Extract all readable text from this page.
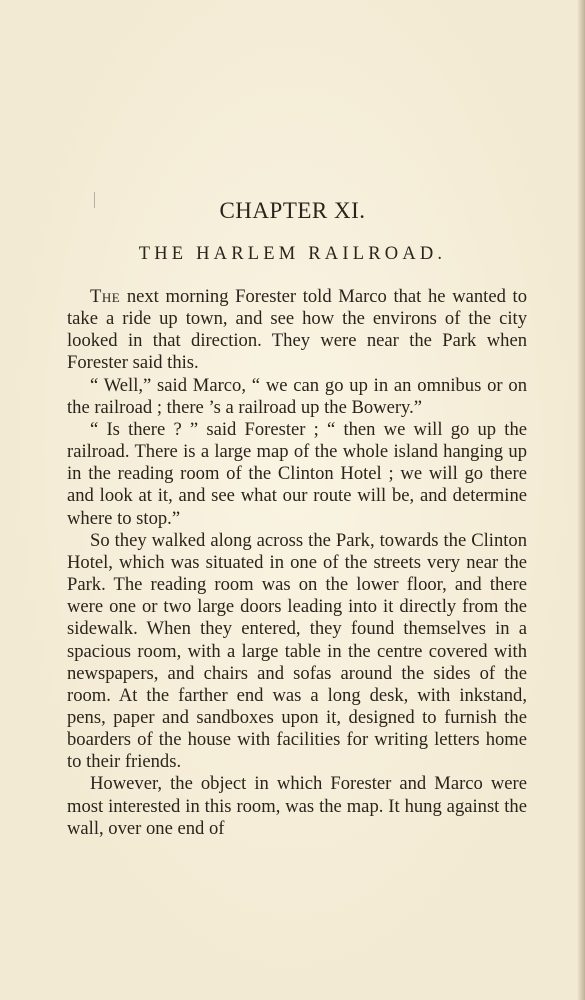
CHAPTER XI.
THE HARLEM RAILROAD.

The next morning Forester told Marco that he wanted to take a ride up town, and see how the environs of the city looked in that direction. They were near the Park when Forester said this.

“ Well,” said Marco, “ we can go up in an omnibus or on the railroad ; there ’s a railroad up the Bowery.”

“ Is there ? ” said Forester ; “ then we will go up the railroad. There is a large map of the whole island hanging up in the reading room of the Clinton Hotel ; we will go there and look at it, and see what our route will be, and determine where to stop.”

So they walked along across the Park, towards the Clinton Hotel, which was situated in one of the streets very near the Park. The reading room was on the lower floor, and there were one or two large doors leading into it directly from the sidewalk. When they entered, they found themselves in a spacious room, with a large table in the centre covered with newspapers, and chairs and sofas around the sides of the room. At the farther end was a long desk, with inkstand, pens, paper and sandboxes upon it, designed to furnish the boarders of the house with facilities for writing letters home to their friends.

However, the object in which Forester and Marco were most interested in this room, was the map. It hung against the wall, over one end of
